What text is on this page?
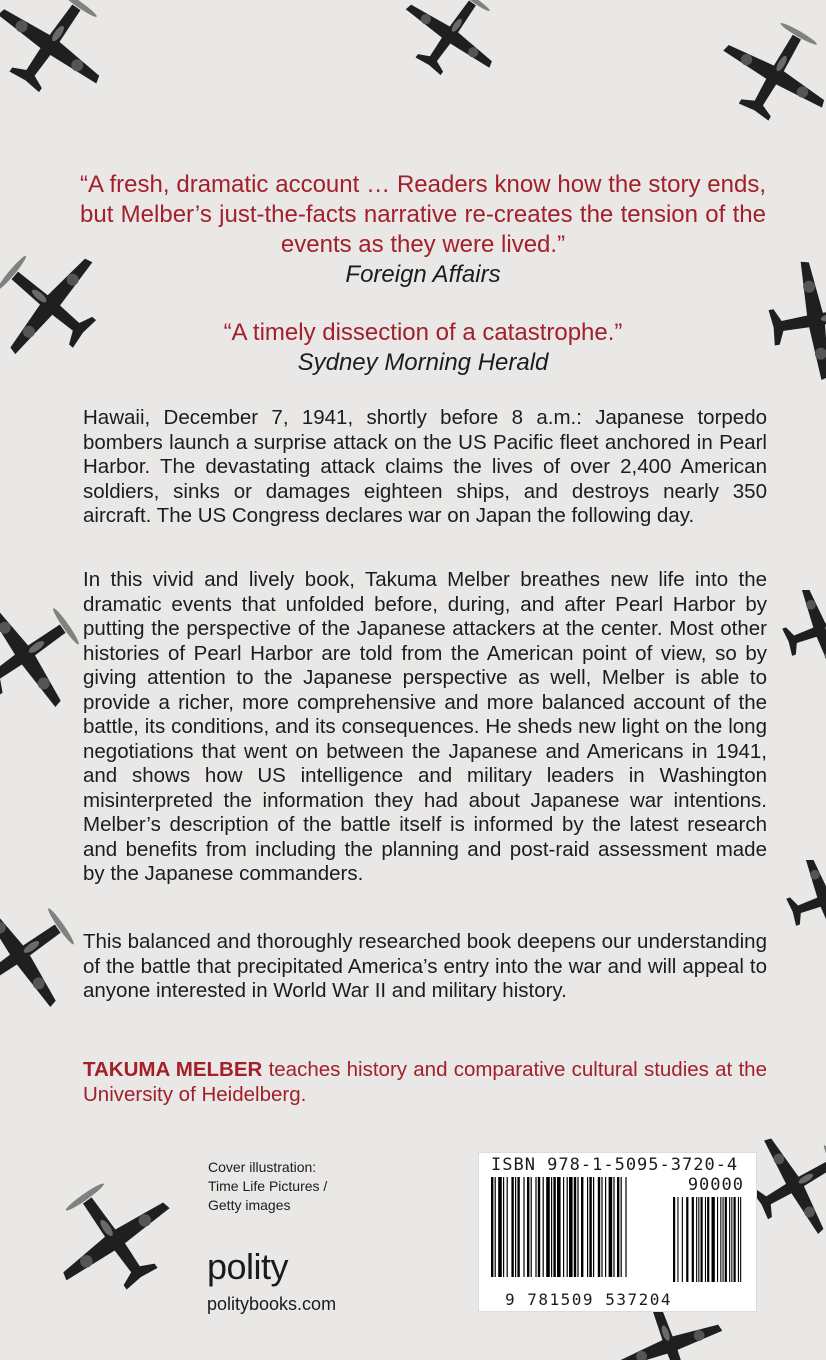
“A fresh, dramatic account … Readers know how the story ends, but Melber’s just-the-facts narrative re-creates the tension of the events as they were lived.”
Foreign Affairs
“A timely dissection of a catastrophe.”
Sydney Morning Herald

Hawaii, December 7, 1941, shortly before 8 a.m.: Japanese torpedo bombers launch a surprise attack on the US Pacific fleet anchored in Pearl Harbor. The devastating attack claims the lives of over 2,400 American soldiers, sinks or damages eighteen ships, and destroys nearly 350 aircraft. The US Congress declares war on Japan the following day.

In this vivid and lively book, Takuma Melber breathes new life into the dramatic events that unfolded before, during, and after Pearl Harbor by putting the perspective of the Japanese attackers at the center. Most other histories of Pearl Harbor are told from the American point of view, so by giving attention to the Japanese perspective as well, Melber is able to provide a richer, more comprehensive and more balanced account of the battle, its conditions, and its consequences. He sheds new light on the long negotiations that went on between the Japanese and Americans in 1941, and shows how US intelligence and military leaders in Washington misinterpreted the information they had about Japanese war intentions. Melber’s description of the battle itself is informed by the latest research and benefits from including the planning and post-raid assessment made by the Japanese commanders.

This balanced and thoroughly researched book deepens our understanding of the battle that precipitated America’s entry into the war and will appeal to anyone interested in World War II and military history.

TAKUMA MELBER teaches history and comparative cultural studies at the University of Heidelberg.
Cover illustration:
Time Life Pictures /
Getty images
polity
politybooks.com
ISBN 978-1-5095-3720-4
90000
9 781509 537204
